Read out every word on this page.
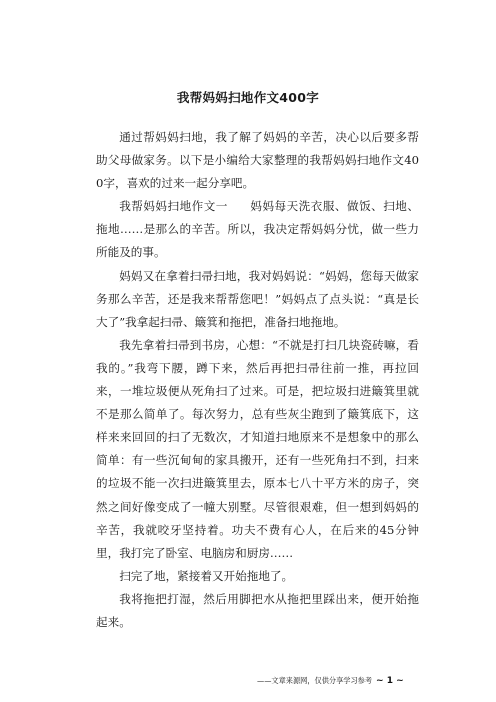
我帮妈妈扫地作文400字

通过帮妈妈扫地，我了解了妈妈的辛苦，决心以后要多帮助父母做家务。以下是小编给大家整理的我帮妈妈扫地作文400字，喜欢的过来一起分享吧。

我帮妈妈扫地作文一 妈妈每天洗衣服、做饭、扫地、拖地……是那么的辛苦。所以，我决定帮妈妈分忧，做一些力所能及的事。

妈妈又在拿着扫帚扫地，我对妈妈说：“妈妈，您每天做家务那么辛苦，还是我来帮帮您吧！”妈妈点了点头说：“真是长大了”我拿起扫帚、簸箕和拖把，准备扫地拖地。

我先拿着扫帚到书房，心想：“不就是打扫几块瓷砖嘛，看我的。”我弯下腰，蹲下来，然后再把扫帚往前一推，再拉回来，一堆垃圾便从死角扫了过来。可是，把垃圾扫进簸箕里就不是那么简单了。每次努力，总有些灰尘跑到了簸箕底下，这样来来回回的扫了无数次，才知道扫地原来不是想象中的那么简单：有一些沉甸甸的家具搬开，还有一些死角扫不到，扫来的垃圾不能一次扫进簸箕里去，原本七八十平方米的房子，突然之间好像变成了一幢大别墅。尽管很艰难，但一想到妈妈的辛苦，我就咬牙坚持着。功夫不费有心人，在后来的45分钟里，我打完了卧室、电脑房和厨房……

扫完了地，紧接着又开始拖地了。

我将拖把打湿，然后用脚把水从拖把里踩出来，便开始拖起来。

——文章来源网，仅供分享学习参考 ~ 1 ~
